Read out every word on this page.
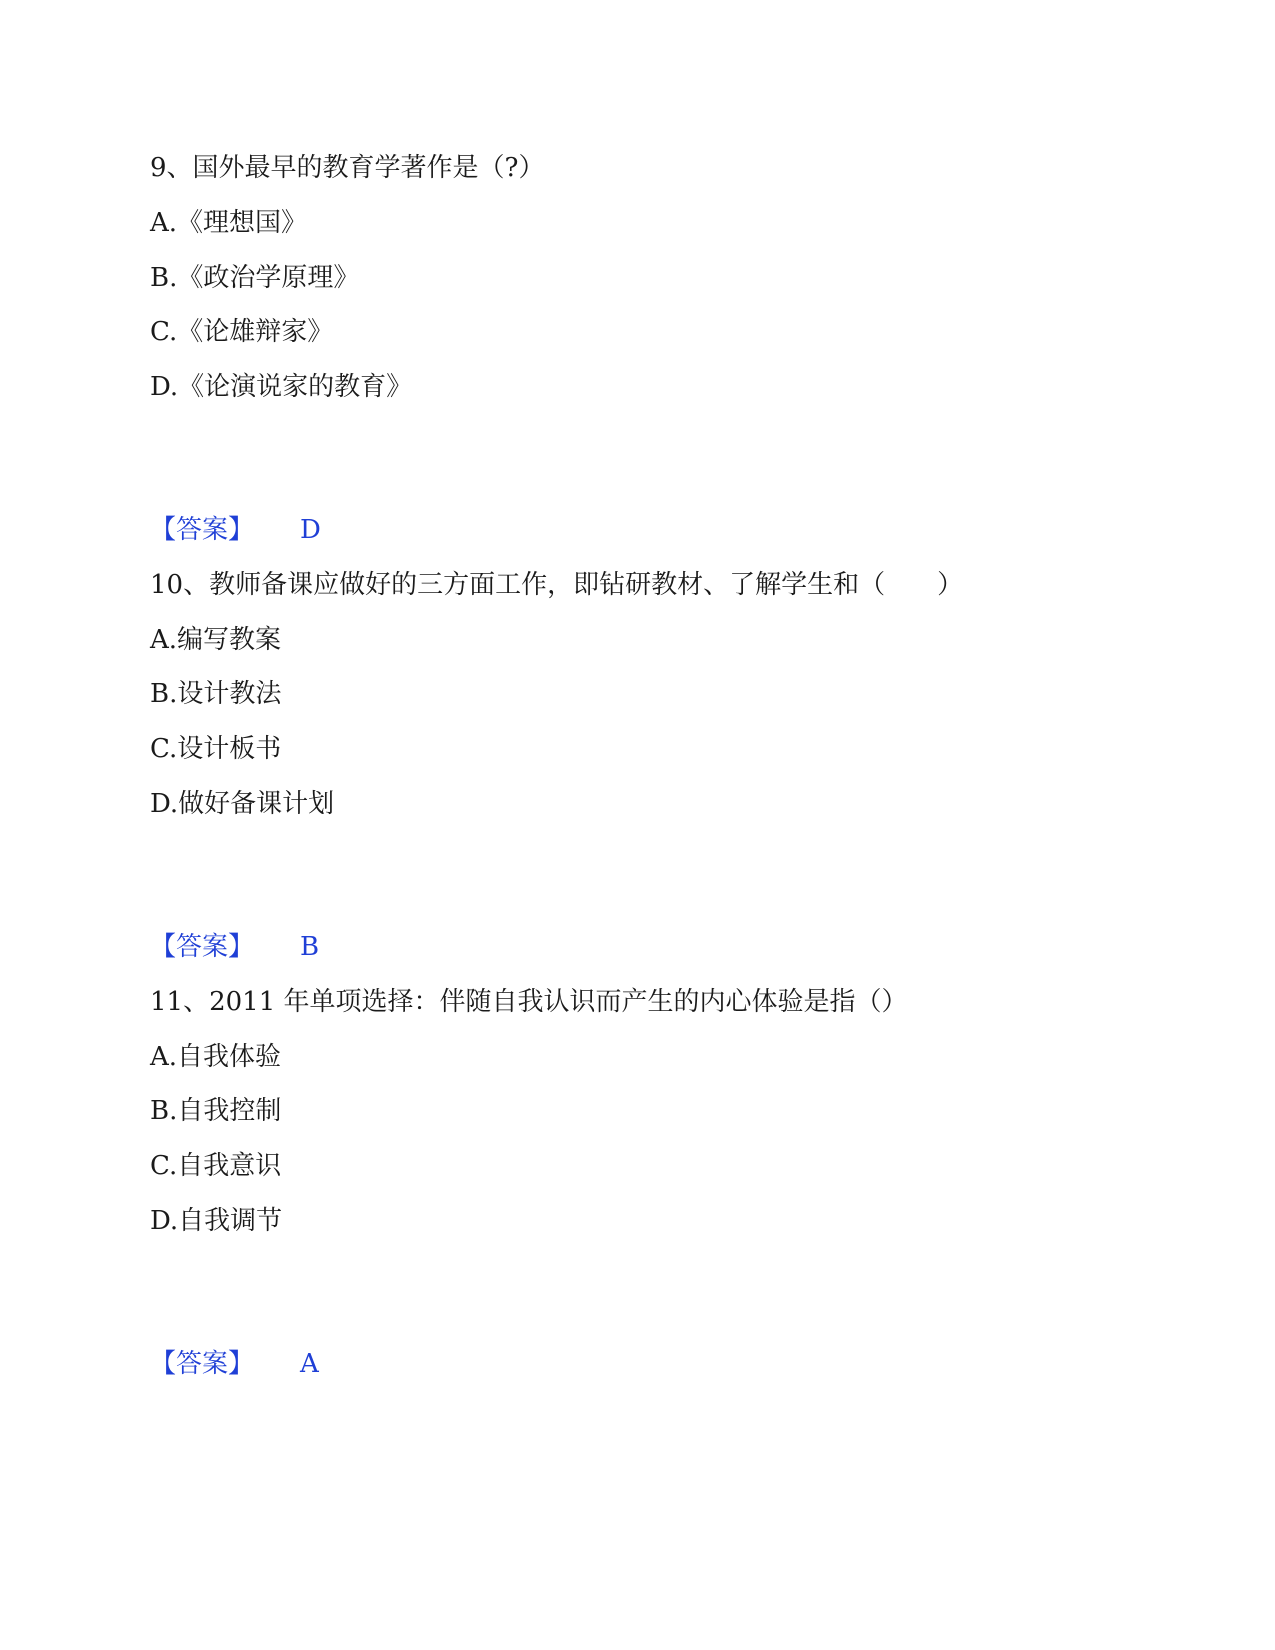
9、国外最早的教育学著作是（?）

A.《理想国》

B.《政治学原理》

C.《论雄辩家》

D.《论演说家的教育》

【答案】 D

10、教师备课应做好的三方面工作，即钻研教材、了解学生和（　　）

A.编写教案

B.设计教法

C.设计板书

D.做好备课计划

【答案】 B

11、2011 年单项选择：伴随自我认识而产生的内心体验是指（）

A.自我体验

B.自我控制

C.自我意识

D.自我调节

【答案】 A
